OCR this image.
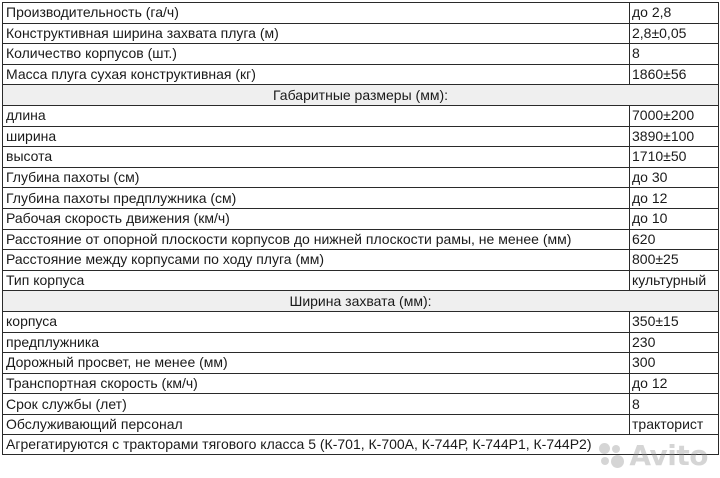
Производительность (га/ч)	до 2,8
Конструктивная ширина захвата плуга (м)	2,8±0,05
Количество корпусов (шт.)	8
Масса плуга сухая конструктивная (кг)	1860±56
Габаритные размеры (мм):	
длина	7000±200
ширина	3890±100
высота	1710±50
Глубина пахоты (см)	до 30
Глубина пахоты предплужника (см)	до 12
Рабочая скорость движения (км/ч)	до 10
Расстояние от опорной плоскости корпусов до нижней плоскости рамы, не менее (мм)	620
Расстояние между корпусами по ходу плуга (мм)	800±25
Тип корпуса	культурный
Ширина захвата (мм):	
корпуса	350±15
предплужника	230
Дорожный просвет, не менее (мм)	300
Транспортная скорость (км/ч)	до 12
Срок службы (лет)	8
Обслуживающий персонал	тракторист
Агрегатируются с тракторами тягового класса 5 (К-701, К-700А, К-744Р, К-744Р1, К-744Р2)	Avito
